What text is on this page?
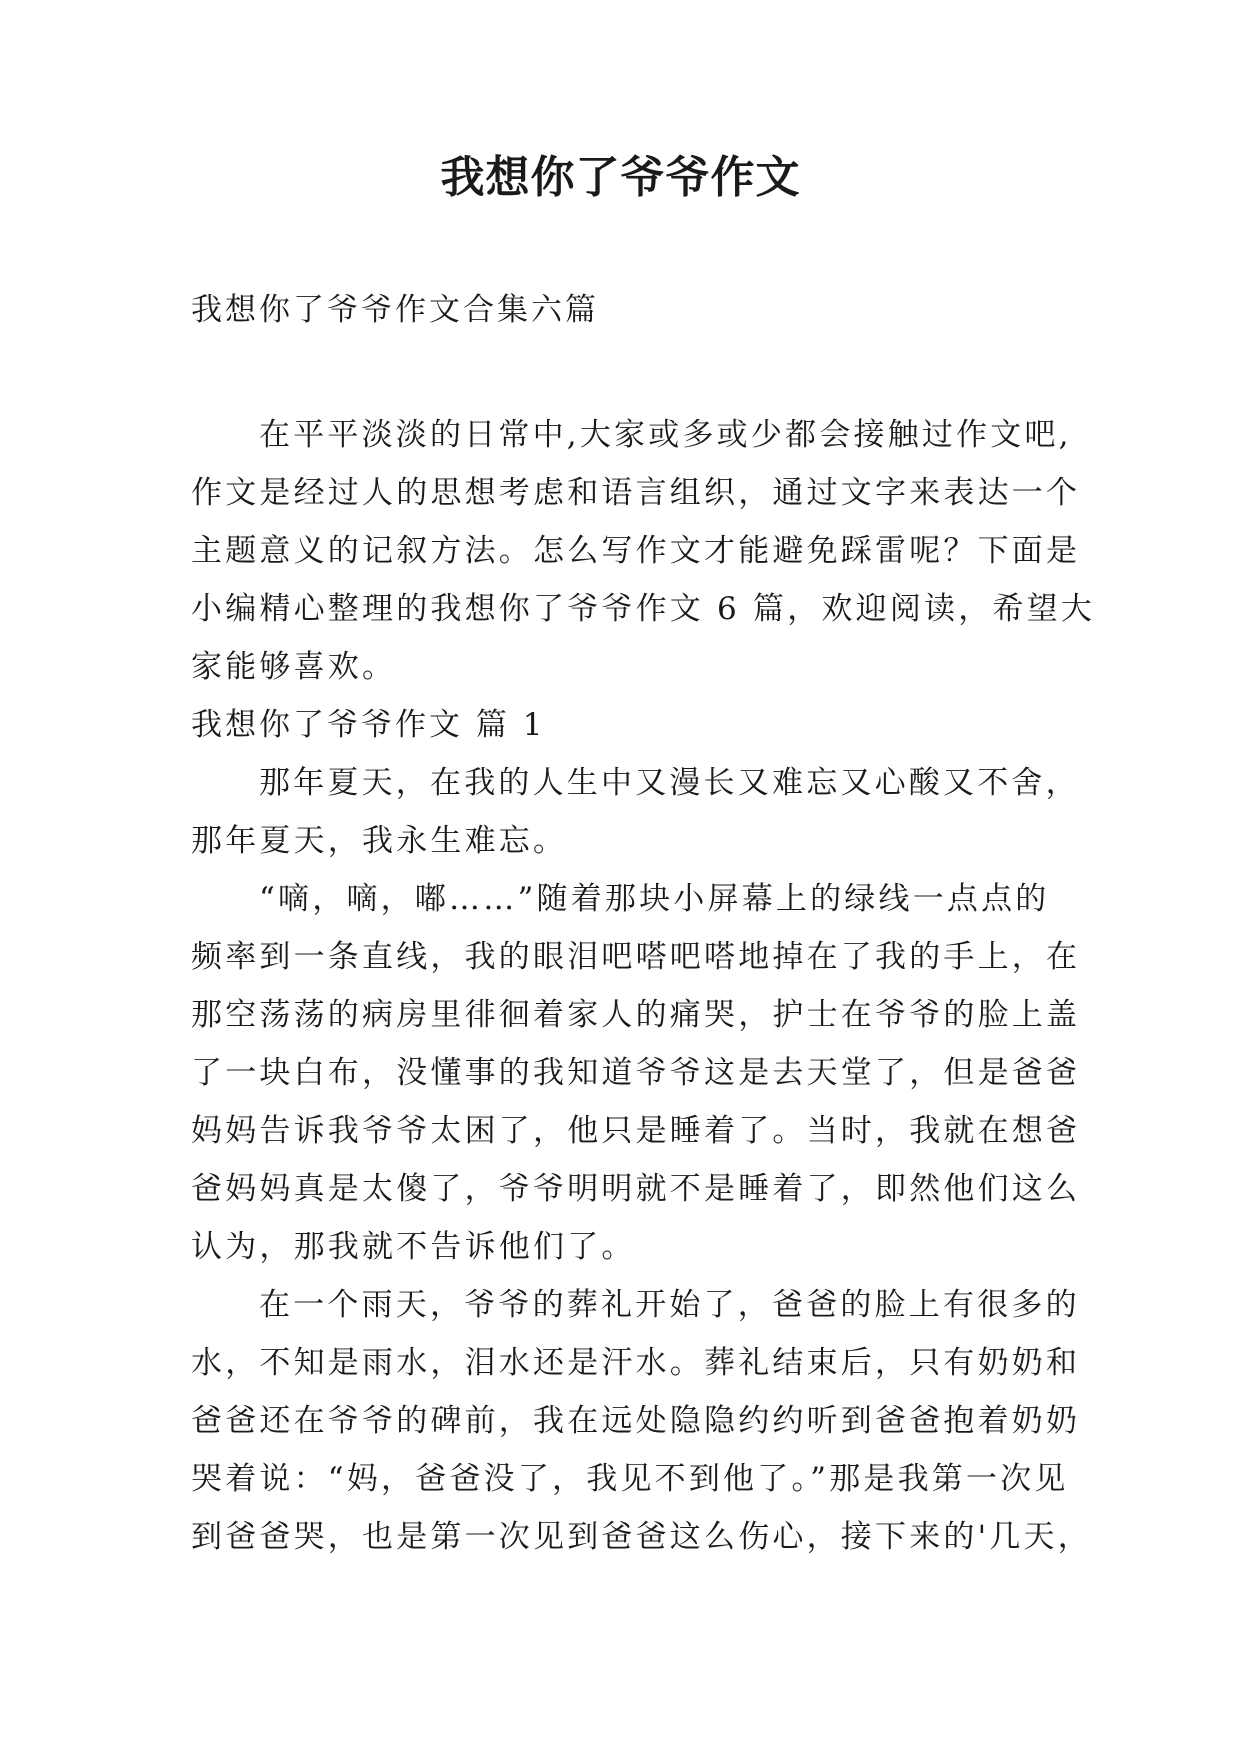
我想你了爷爷作文

我想你了爷爷作文合集六篇

在平平淡淡的日常中,大家或多或少都会接触过作文吧,
作文是经过人的思想考虑和语言组织，通过文字来表达一个
主题意义的记叙方法。怎么写作文才能避免踩雷呢？下面是
小编精心整理的我想你了爷爷作文 6 篇，欢迎阅读，希望大
家能够喜欢。
我想你了爷爷作文 篇 1
那年夏天，在我的人生中又漫长又难忘又心酸又不舍，
那年夏天，我永生难忘。
“嘀，嘀，嘟……”随着那块小屏幕上的绿线一点点的
频率到一条直线，我的眼泪吧嗒吧嗒地掉在了我的手上，在
那空荡荡的病房里徘徊着家人的痛哭，护士在爷爷的脸上盖
了一块白布，没懂事的我知道爷爷这是去天堂了，但是爸爸
妈妈告诉我爷爷太困了，他只是睡着了。当时，我就在想爸
爸妈妈真是太傻了，爷爷明明就不是睡着了，即然他们这么
认为，那我就不告诉他们了。
在一个雨天，爷爷的葬礼开始了，爸爸的脸上有很多的
水，不知是雨水，泪水还是汗水。葬礼结束后，只有奶奶和
爸爸还在爷爷的碑前，我在远处隐隐约约听到爸爸抱着奶奶
哭着说：“妈，爸爸没了，我见不到他了。”那是我第一次见
到爸爸哭，也是第一次见到爸爸这么伤心，接下来的'几天，
